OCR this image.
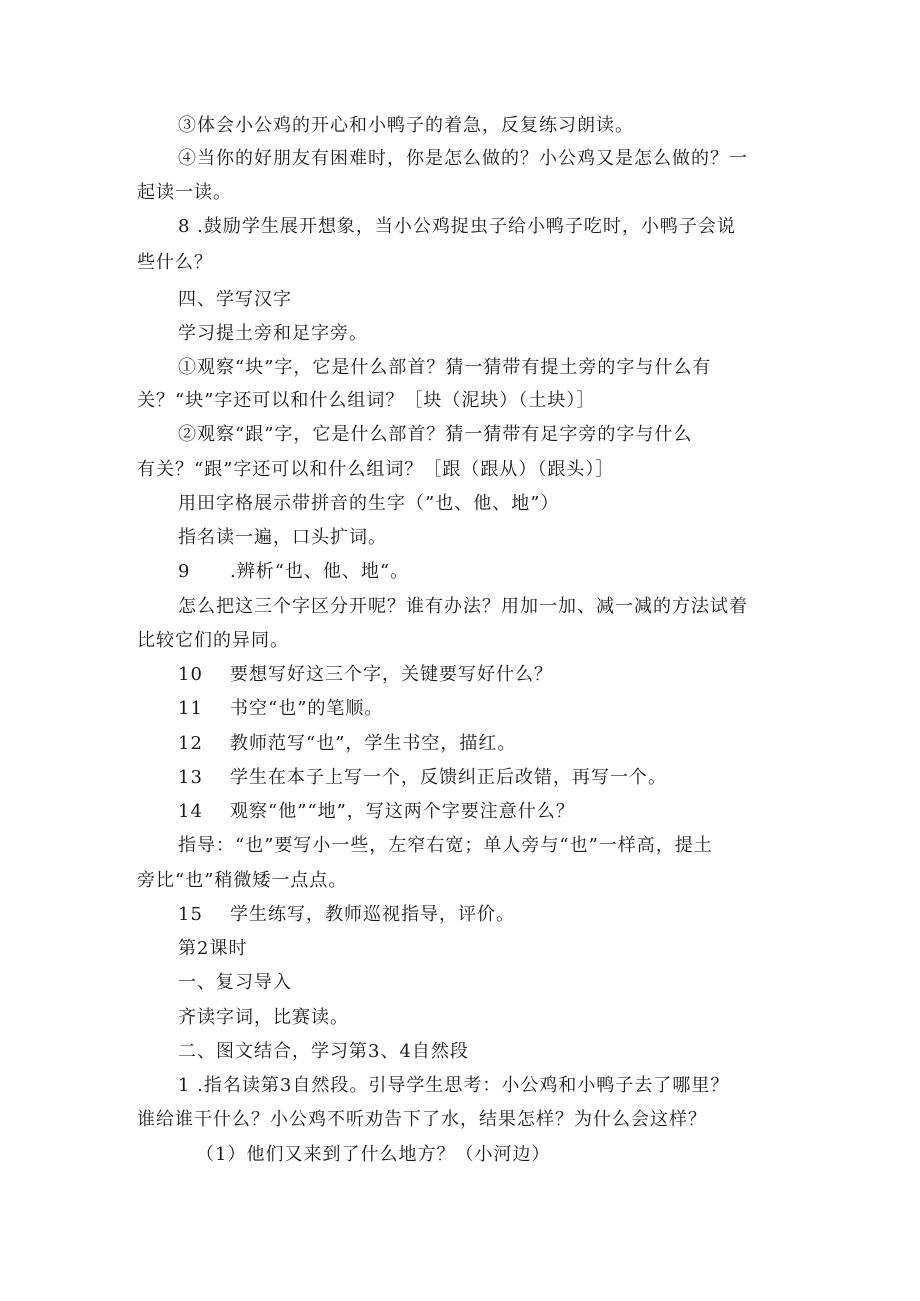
③体会小公鸡的开心和小鸭子的着急，反复练习朗读。
④当你的好朋友有困难时，你是怎么做的？小公鸡又是怎么做的？一
起读一读。
8 .鼓励学生展开想象，当小公鸡捉虫子给小鸭子吃时，小鸭子会说
些什么？
四、学写汉字
学习提土旁和足字旁。
①观察“块”字，它是什么部首？猜一猜带有提土旁的字与什么有
关？“块”字还可以和什么组词？［块（泥块）（土块）］
②观察“跟”字，它是什么部首？猜一猜带有足字旁的字与什么
有关？“跟”字还可以和什么组词？［跟（跟从）（跟头）］
用田字格展示带拼音的生字（”也、他、地”）
指名读一遍，口头扩词。
9 .辨析“也、他、地“。
怎么把这三个字区分开呢？谁有办法？用加一加、减一减的方法试着
比较它们的异同。
10 要想写好这三个字，关键要写好什么？
11 书空“也”的笔顺。
12 教师范写“也”，学生书空，描红。
13 学生在本子上写一个，反馈纠正后改错，再写一个。
14 观察“他”“地”，写这两个字要注意什么？
指导：“也”要写小一些，左窄右宽；单人旁与“也”一样高，提土
旁比“也”稍微矮一点点。
15 学生练写，教师巡视指导，评价。
第2课时
一、复习导入
齐读字词，比赛读。
二、图文结合，学习第3、4自然段
1 .指名读第3自然段。引导学生思考：小公鸡和小鸭子去了哪里？
谁给谁干什么？小公鸡不听劝告下了水，结果怎样？为什么会这样？
（1）他们又来到了什么地方？（小河边）
